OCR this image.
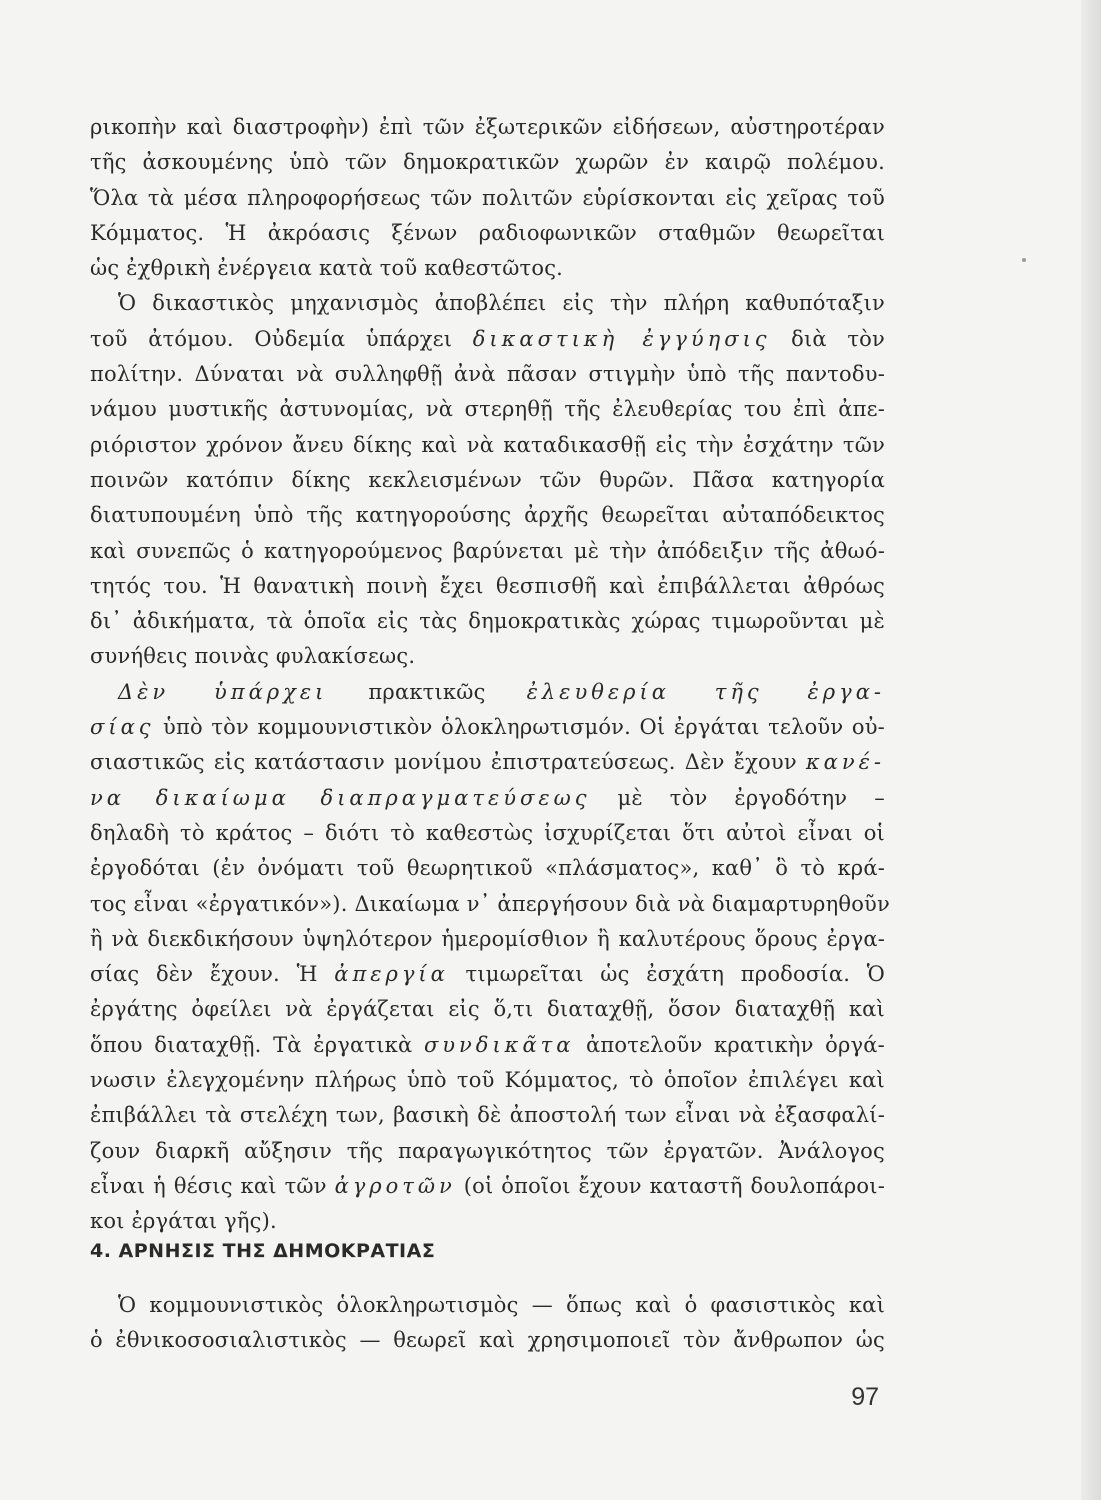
ρικοπὴν καὶ διαστροφὴν) ἐπὶ τῶν ἐξωτερικῶν εἰδήσεων, αὐστηροτέραν
τῆς ἀσκουμένης ὑπὸ τῶν δημοκρατικῶν χωρῶν ἐν καιρῷ πολέμου.
Ὅλα τὰ μέσα πληροφορήσεως τῶν πολιτῶν εὑρίσκονται εἰς χεῖρας τοῦ
Κόμματος. Ἡ ἀκρόασις ξένων ραδιοφωνικῶν σταθμῶν θεωρεῖται
ὡς ἐχθρικὴ ἐνέργεια κατὰ τοῦ καθεστῶτος.
Ὁ δικαστικὸς μηχανισμὸς ἀποβλέπει εἰς τὴν πλήρη καθυπόταξιν
τοῦ ἀτόμου. Οὐδεμία ὑπάρχει δικαστικὴ ἐγγύησις διὰ τὸν
πολίτην. Δύναται νὰ συλληφθῇ ἀνὰ πᾶσαν στιγμὴν ὑπὸ τῆς παντοδυ-
νάμου μυστικῆς ἀστυνομίας, νὰ στερηθῇ τῆς ἐλευθερίας του ἐπὶ ἀπε-
ριόριστον χρόνον ἄνευ δίκης καὶ νὰ καταδικασθῇ εἰς τὴν ἐσχάτην τῶν
ποινῶν κατόπιν δίκης κεκλεισμένων τῶν θυρῶν. Πᾶσα κατηγορία
διατυπουμένη ὑπὸ τῆς κατηγορούσης ἀρχῆς θεωρεῖται αὐταπόδεικτος
καὶ συνεπῶς ὁ κατηγορούμενος βαρύνεται μὲ τὴν ἀπόδειξιν τῆς ἀθωό-
τητός του. Ἡ θανατικὴ ποινὴ ἔχει θεσπισθῆ καὶ ἐπιβάλλεται ἀθρόως
δι᾿ ἀδικήματα, τὰ ὁποῖα εἰς τὰς δημοκρατικὰς χώρας τιμωροῦνται μὲ
συνήθεις ποινὰς φυλακίσεως.
Δὲν ὑπάρχει πρακτικῶς ἐλευθερία τῆς ἐργα-
σίας ὑπὸ τὸν κομμουνιστικὸν ὁλοκληρωτισμόν. Οἱ ἐργάται τελοῦν οὐ-
σιαστικῶς εἰς κατάστασιν μονίμου ἐπιστρατεύσεως. Δὲν ἔχουν κανέ-
να δικαίωμα διαπραγματεύσεως μὲ τὸν ἐργοδότην –
δηλαδὴ τὸ κράτος – διότι τὸ καθεστὼς ἰσχυρίζεται ὅτι αὐτοὶ εἶναι οἱ
ἐργοδόται (ἐν ὀνόματι τοῦ θεωρητικοῦ «πλάσματος», καθ᾿ ὃ τὸ κρά-
τος εἶναι «ἐργατικόν»). Δικαίωμα ν᾿ ἀπεργήσουν διὰ νὰ διαμαρτυρηθοῦν
ἢ νὰ διεκδικήσουν ὑψηλότερον ἡμερομίσθιον ἢ καλυτέρους ὅρους ἐργα-
σίας δὲν ἔχουν. Ἡ ἀπεργία τιμωρεῖται ὡς ἐσχάτη προδοσία. Ὁ
ἐργάτης ὀφείλει νὰ ἐργάζεται εἰς ὅ,τι διαταχθῇ, ὅσον διαταχθῇ καὶ
ὅπου διαταχθῇ. Τὰ ἐργατικὰ συνδικᾶτα ἀποτελοῦν κρατικὴν ὀργά-
νωσιν ἐλεγχομένην πλήρως ὑπὸ τοῦ Κόμματος, τὸ ὁποῖον ἐπιλέγει καὶ
ἐπιβάλλει τὰ στελέχη των, βασικὴ δὲ ἀποστολή των εἶναι νὰ ἐξασφαλί-
ζουν διαρκῆ αὔξησιν τῆς παραγωγικότητος τῶν ἐργατῶν. Ἀνάλογος
εἶναι ἡ θέσις καὶ τῶν ἀγροτῶν (οἱ ὁποῖοι ἔχουν καταστῆ δουλοπάροι-
κοι ἐργάται γῆς).
4. ΑΡΝΗΣΙΣ ΤΗΣ ΔΗΜΟΚΡΑΤΙΑΣ
Ὁ κομμουνιστικὸς ὁλοκληρωτισμὸς — ὅπως καὶ ὁ φασιστικὸς καὶ
ὁ ἐθνικοσοσιαλιστικὸς — θεωρεῖ καὶ χρησιμοποιεῖ τὸν ἄνθρωπον ὡς
97
